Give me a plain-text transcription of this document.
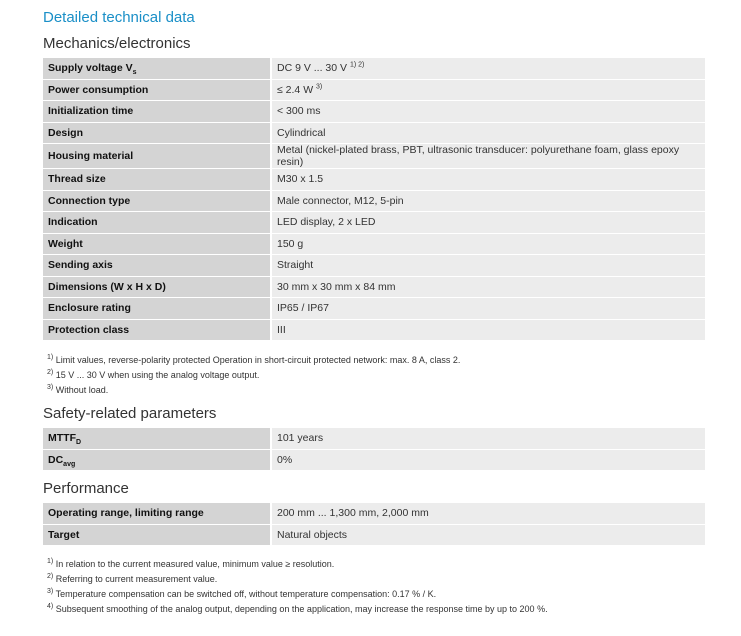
Detailed technical data
Mechanics/electronics
Supply voltage $V_s$	DC 9 V ... 30 V $^{1) 2)}$
Power consumption	≤ 2.4 W $^{3)}$
Initialization time	< 300 ms
Design	Cylindrical
Housing material	Metal (nickel-plated brass, PBT, ultrasonic transducer: polyurethane foam, glass epoxy resin)
Thread size	M30 x 1.5
Connection type	Male connector, M12, 5-pin
Indication	LED display, 2 x LED
Weight	150 g
Sending axis	Straight
Dimensions (W x H x D)	30 mm x 30 mm x 84 mm
Enclosure rating	IP65 / IP67
Protection class	III
$^{1)}$ Limit values, reverse-polarity protected Operation in short-circuit protected network: max. 8 A, class 2.
$^{2)}$ 15 V ... 30 V when using the analog voltage output.
$^{3)}$ Without load.
Safety-related parameters
$MTTF_D$	101 years
$DC_{avg}$	0%
Performance
Operating range, limiting range	200 mm ... 1,300 mm, 2,000 mm
Target	Natural objects
$^{1)}$ In relation to the current measured value, minimum value ≥ resolution.
$^{2)}$ Referring to current measurement value.
$^{3)}$ Temperature compensation can be switched off, without temperature compensation: 0.17 % / K.
$^{4)}$ Subsequent smoothing of the analog output, depending on the application, may increase the response time by up to 200 %.
